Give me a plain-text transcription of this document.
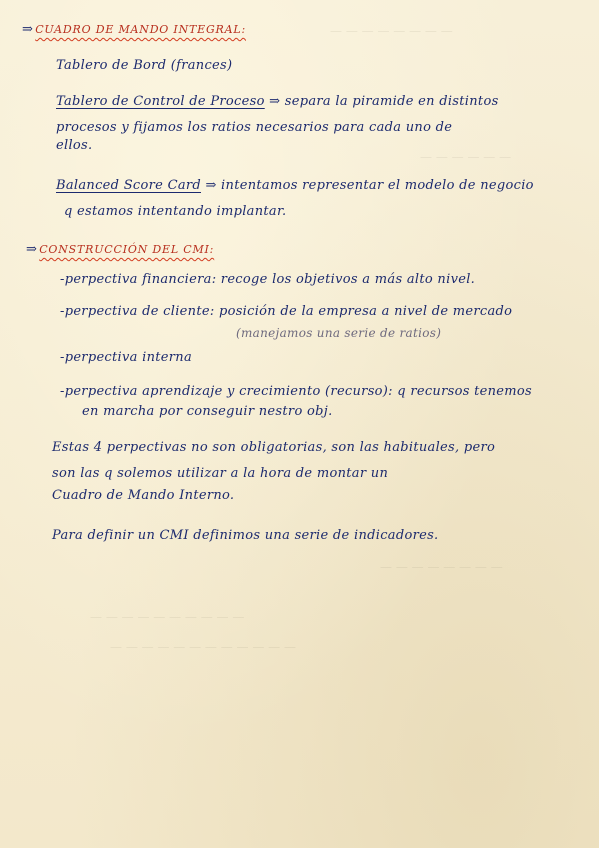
— — — — — — — —
— — — — — —
— — — — — — — —
— — — — — — — — — —
— — — — — — — — — — — —
⇒ CUADRO DE MANDO INTEGRAL:
Tablero de Bord (frances)
Tablero de Control de Proceso ⇒ separa la piramide en distintos
procesos y fijamos los ratios necesarios para cada uno de
ellos.
Balanced Score Card ⇒ intentamos representar el modelo de negocio
q estamos intentando implantar.
⇒ CONSTRUCCIÓN DEL CMI:
-perpectiva financiera: recoge los objetivos a más alto nivel.
-perpectiva de cliente: posición de la empresa a nivel de mercado
(manejamos una serie de ratios)
-perpectiva interna
-perpectiva aprendizaje y crecimiento (recurso): q recursos tenemos
en marcha por conseguir nestro obj.
Estas 4 perpectivas no son obligatorias, son las habituales, pero
son las q solemos utilizar a la hora de montar un
Cuadro de Mando Interno.
Para definir un CMI definimos una serie de indicadores.
